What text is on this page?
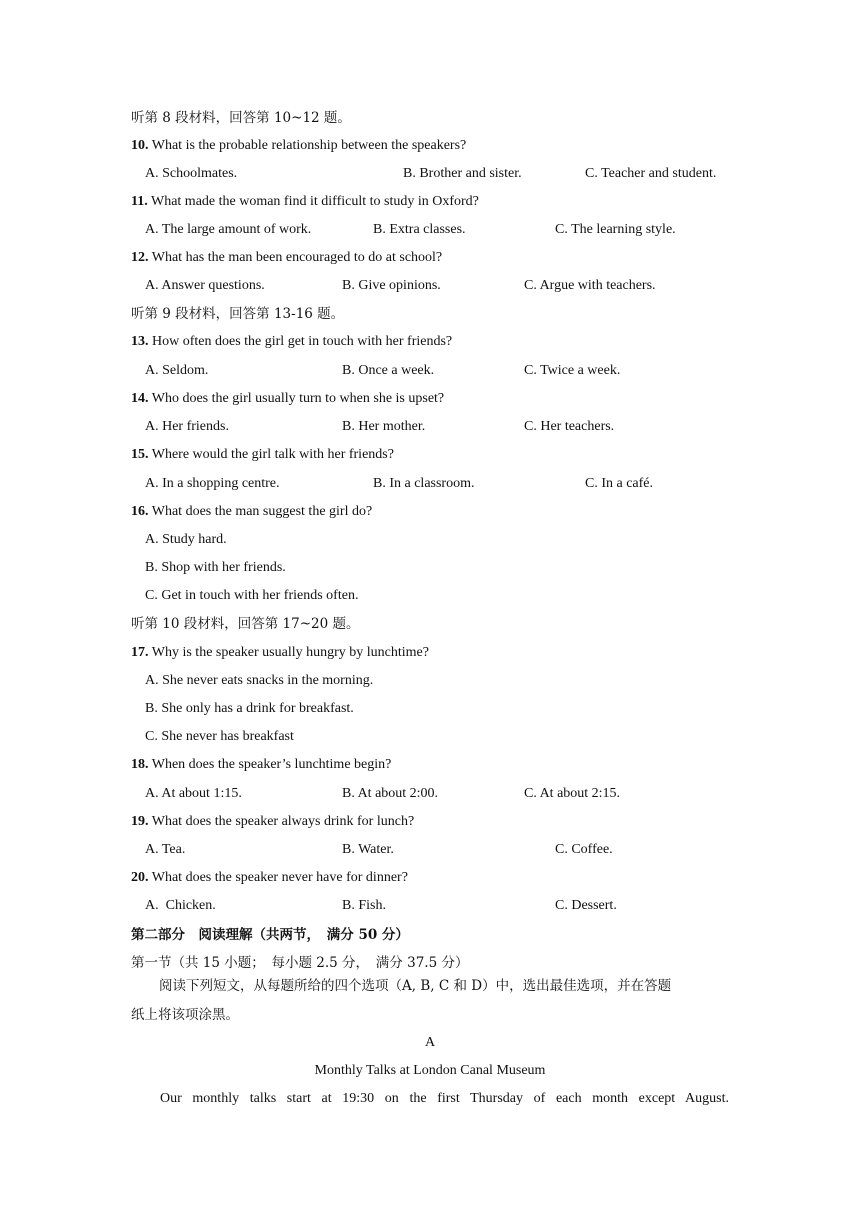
听第 8 段材料，回答第 10~12 题。
10. What is the probable relationship between the speakers?
A. Schoolmates.	B. Brother and sister.	C. Teacher and student.
11. What made the woman find it difficult to study in Oxford?
A. The large amount of work.	B. Extra classes.	C. The learning style.
12. What has the man been encouraged to do at school?
A. Answer questions.	B. Give opinions.	C. Argue with teachers.
听第 9 段材料，回答第 13-16 题。
13. How often does the girl get in touch with her friends?
A. Seldom.	B. Once a week.	C. Twice a week.
14. Who does the girl usually turn to when she is upset?
A. Her friends.	B. Her mother.	C. Her teachers.
15. Where would the girl talk with her friends?
A. In a shopping centre.	B. In a classroom.	C. In a café.
16. What does the man suggest the girl do?
A. Study hard.
B. Shop with her friends.
C. Get in touch with her friends often.
听第 10 段材料，回答第 17~20 题。
17. Why is the speaker usually hungry by lunchtime?
A. She never eats snacks in the morning.
B. She only has a drink for breakfast.
C. She never has breakfast
18. When does the speaker’s lunchtime begin?
A. At about 1:15.	B. At about 2:00.	C. At about 2:15.
19. What does the speaker always drink for lunch?
A. Tea.	B. Water.	C. Coffee.
20. What does the speaker never have for dinner?
A.  Chicken.	B. Fish.	C. Dessert.
第二部分　阅读理解（共两节，　满分 50 分）
第一节（共 15 小题；　每小题 2.5 分，　满分 37.5 分）
阅读下列短文，从每题所给的四个选项（A, B, C 和 D）中，选出最佳选项，并在答题
纸上将该项涂黑。
A
Monthly Talks at London Canal Museum
Our monthly talks start at 19:30 on the first Thursday of each month except August.
